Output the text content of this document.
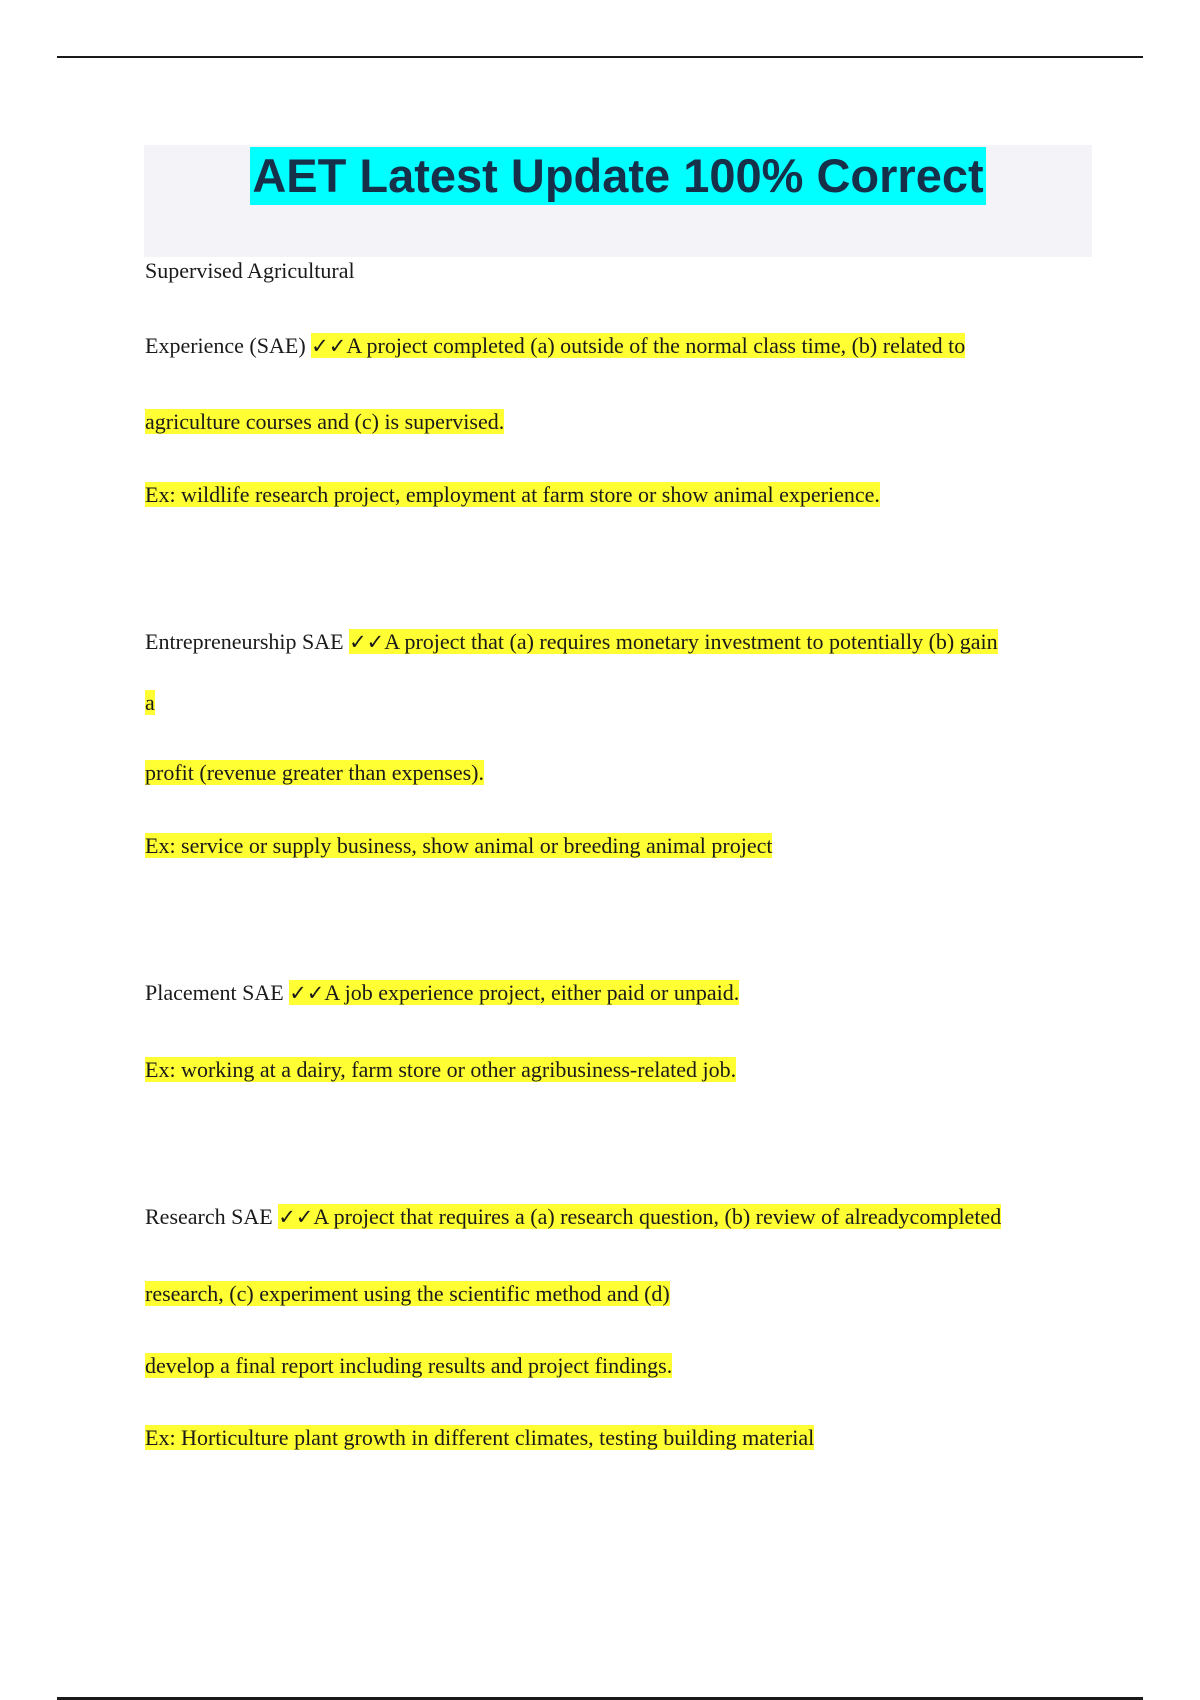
AET Latest Update 100% Correct
Supervised Agricultural
Experience (SAE) ✓✓A project completed (a) outside of the normal class time, (b) related to
agriculture courses and (c) is supervised.
Ex: wildlife research project, employment at farm store or show animal experience.
Entrepreneurship SAE ✓✓A project that (a) requires monetary investment to potentially (b) gain
a
profit (revenue greater than expenses).
Ex: service or supply business, show animal or breeding animal project
Placement SAE ✓✓A job experience project, either paid or unpaid.
Ex: working at a dairy, farm store or other agribusiness-related job.
Research SAE ✓✓A project that requires a (a) research question, (b) review of alreadycompleted
research, (c) experiment using the scientific method and (d)
develop a final report including results and project findings.
Ex: Horticulture plant growth in different climates, testing building material
